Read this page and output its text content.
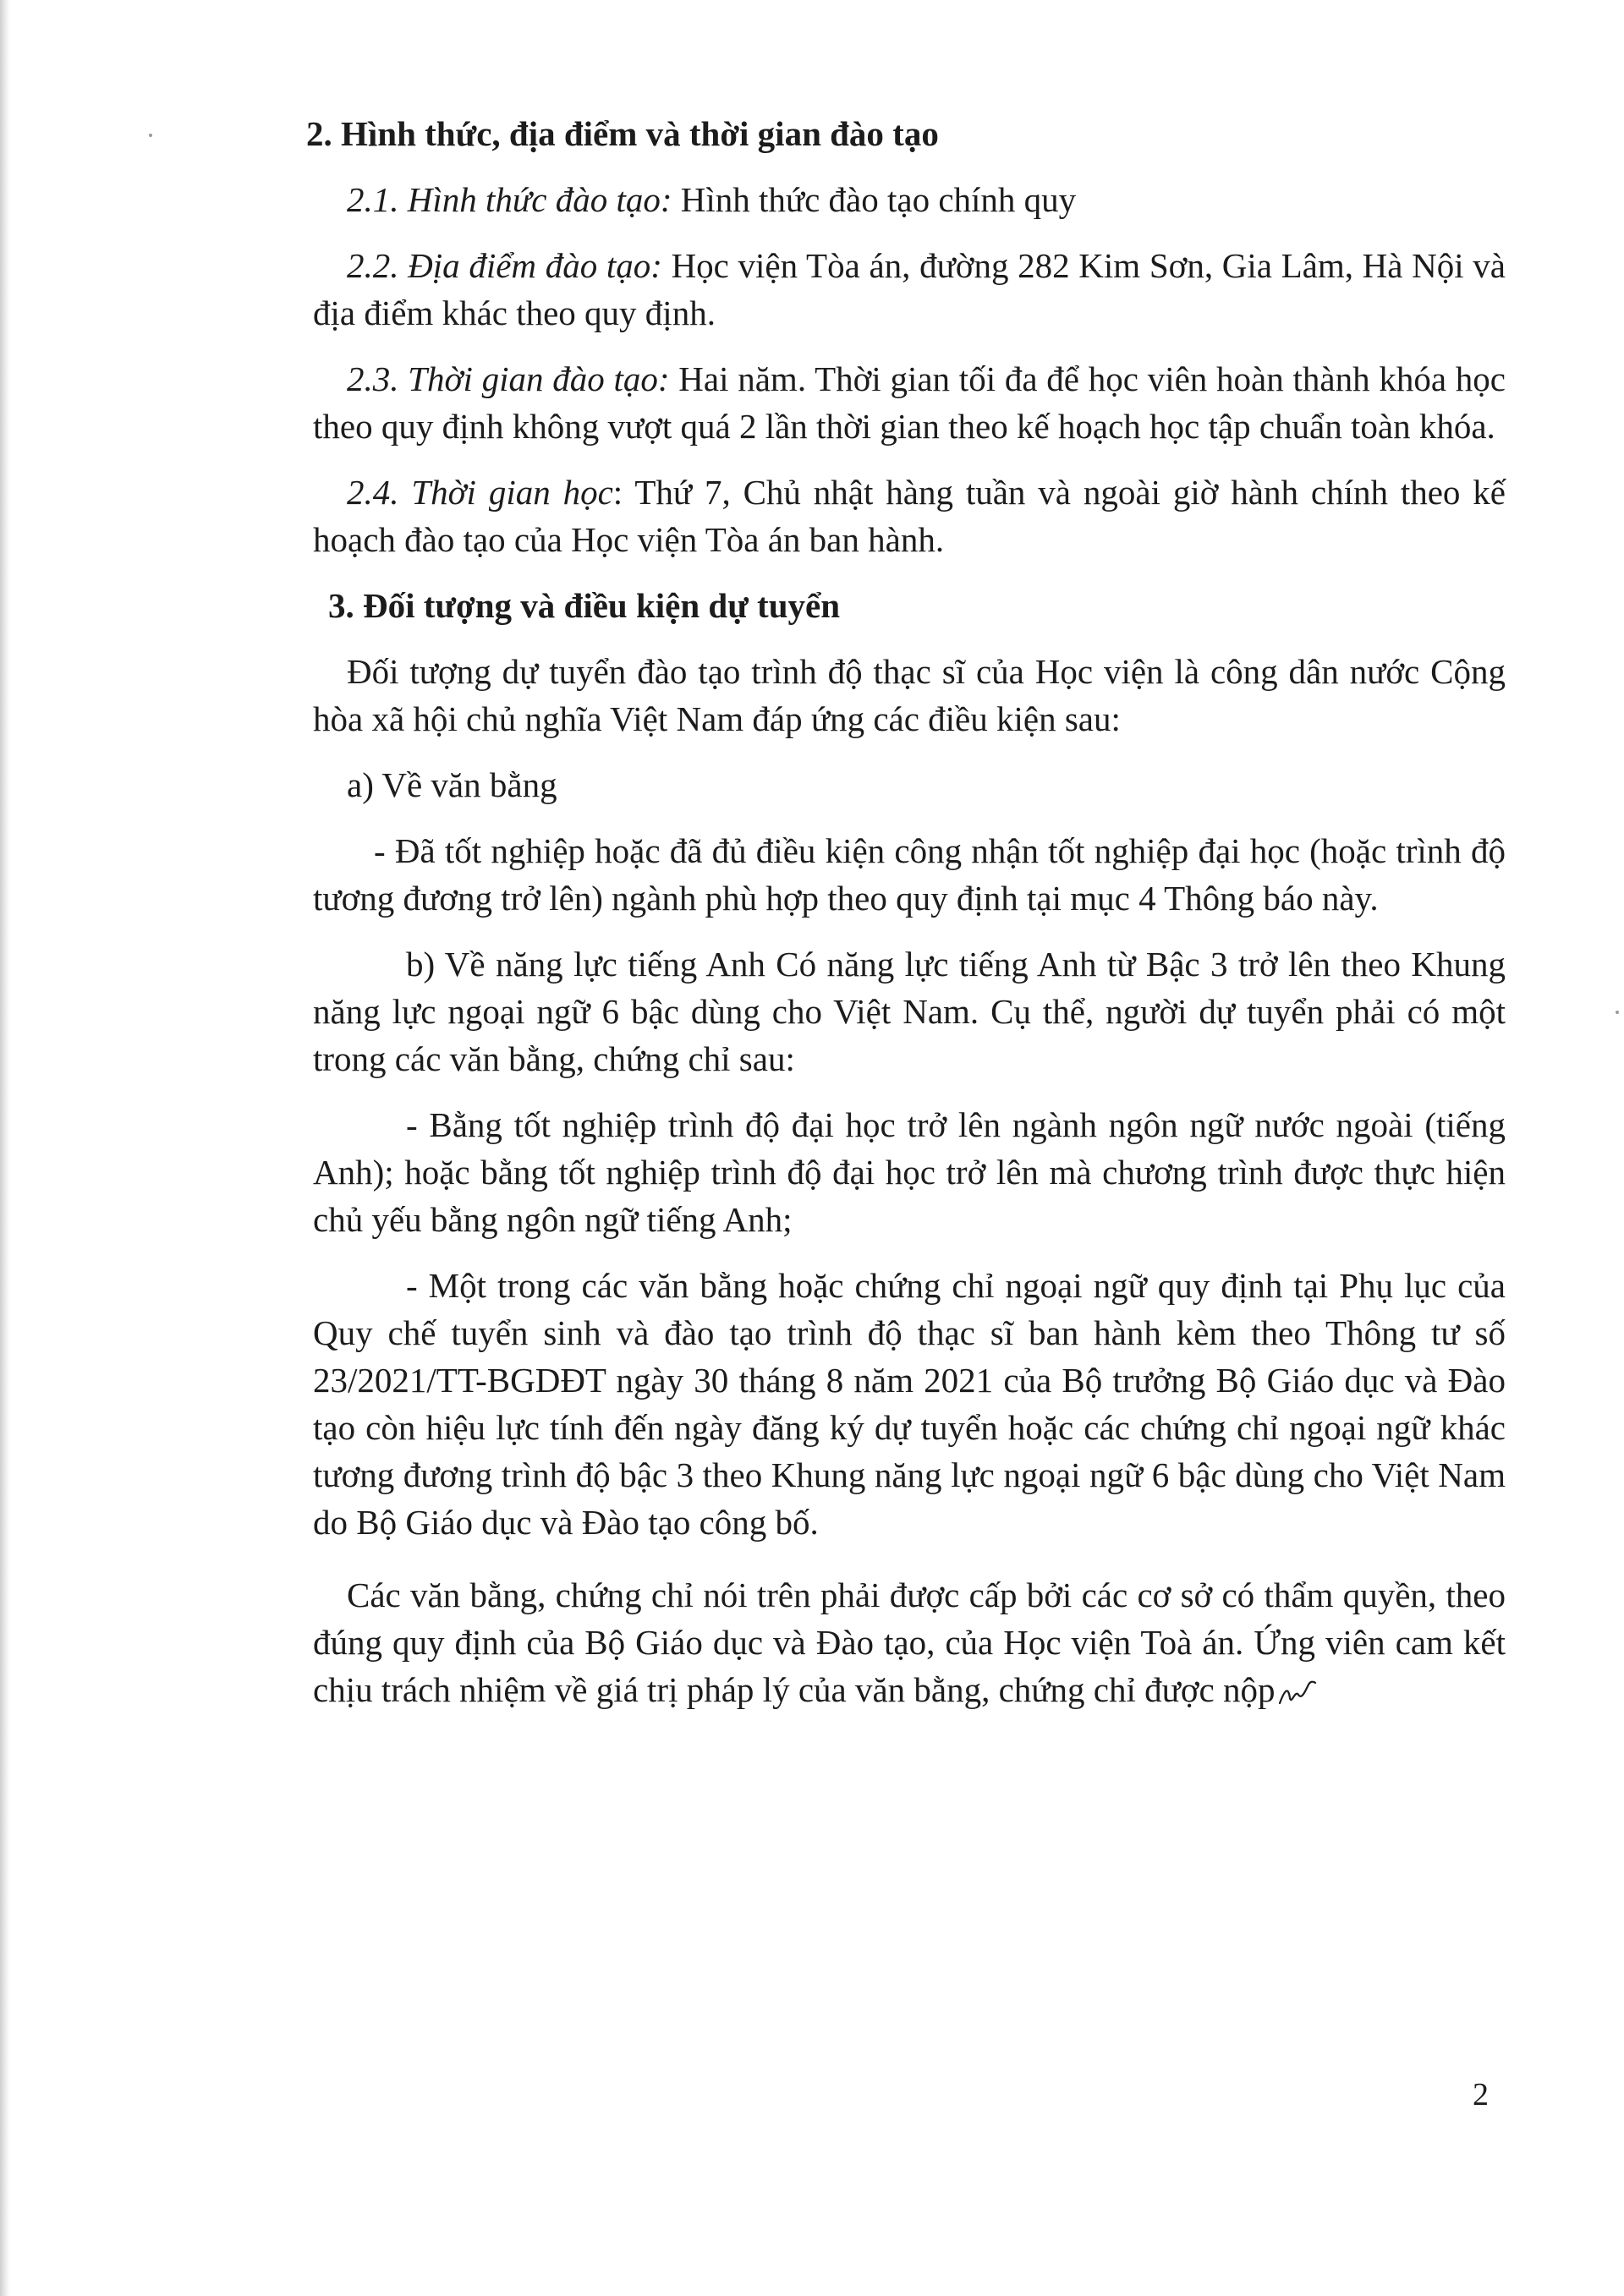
2. Hình thức, địa điểm và thời gian đào tạo

2.1. Hình thức đào tạo: Hình thức đào tạo chính quy

2.2. Địa điểm đào tạo: Học viện Tòa án, đường 282 Kim Sơn, Gia Lâm, Hà Nội và địa điểm khác theo quy định.

2.3. Thời gian đào tạo: Hai năm. Thời gian tối đa để học viên hoàn thành khóa học theo quy định không vượt quá 2 lần thời gian theo kế hoạch học tập chuẩn toàn khóa.

2.4. Thời gian học: Thứ 7, Chủ nhật hàng tuần và ngoài giờ hành chính theo kế hoạch đào tạo của Học viện Tòa án ban hành.

3. Đối tượng và điều kiện dự tuyển

Đối tượng dự tuyển đào tạo trình độ thạc sĩ của Học viện là công dân nước Cộng hòa xã hội chủ nghĩa Việt Nam đáp ứng các điều kiện sau:

a) Về văn bằng

- Đã tốt nghiệp hoặc đã đủ điều kiện công nhận tốt nghiệp đại học (hoặc trình độ tương đương trở lên) ngành phù hợp theo quy định tại mục 4 Thông báo này.

b) Về năng lực tiếng Anh Có năng lực tiếng Anh từ Bậc 3 trở lên theo Khung năng lực ngoại ngữ 6 bậc dùng cho Việt Nam. Cụ thể, người dự tuyển phải có một trong các văn bằng, chứng chỉ sau:

- Bằng tốt nghiệp trình độ đại học trở lên ngành ngôn ngữ nước ngoài (tiếng Anh); hoặc bằng tốt nghiệp trình độ đại học trở lên mà chương trình được thực hiện chủ yếu bằng ngôn ngữ tiếng Anh;

- Một trong các văn bằng hoặc chứng chỉ ngoại ngữ quy định tại Phụ lục của Quy chế tuyển sinh và đào tạo trình độ thạc sĩ ban hành kèm theo Thông tư số 23/2021/TT-BGDĐT ngày 30 tháng 8 năm 2021 của Bộ trưởng Bộ Giáo dục và Đào tạo còn hiệu lực tính đến ngày đăng ký dự tuyển hoặc các chứng chỉ ngoại ngữ khác tương đương trình độ bậc 3 theo Khung năng lực ngoại ngữ 6 bậc dùng cho Việt Nam do Bộ Giáo dục và Đào tạo công bố.

Các văn bằng, chứng chỉ nói trên phải được cấp bởi các cơ sở có thẩm quyền, theo đúng quy định của Bộ Giáo dục và Đào tạo, của Học viện Toà án. Ứng viên cam kết chịu trách nhiệm về giá trị pháp lý của văn bằng, chứng chỉ được nộp

2
